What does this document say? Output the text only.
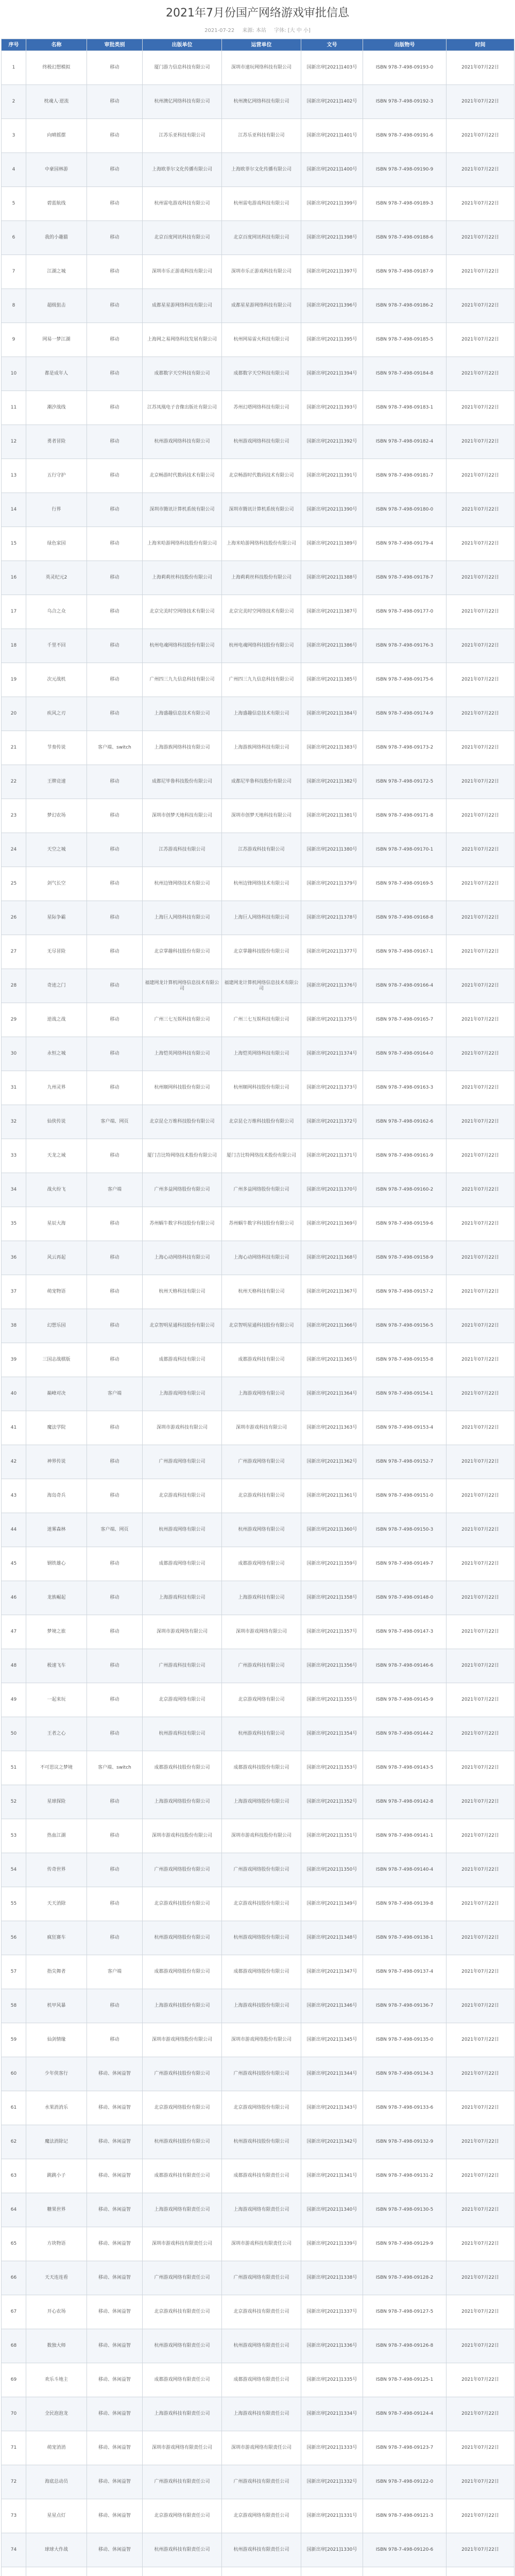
2021年7月份国产网络游戏审批信息
2021-07-22 来源: 本站 字体: [大 中 小]
序号	名称	审批类别	出版单位	运营单位	文号	出版物号	时间
1	终极幻想模拟	移动	厦门游力信息科技有限公司	深圳市速玩网络科技有限公司	国新出审[2021]1403号	ISBN 978-7-498-09193-0	2021年07月22日
2	枕魂人·逆流	移动	杭州澳亿网络科技有限公司	杭州澳亿网络科技有限公司	国新出审[2021]1402号	ISBN 978-7-498-09192-3	2021年07月22日
3	向晴摇摆	移动	江苏乐亚科技有限公司	江苏乐亚科技有限公司	国新出审[2021]1401号	ISBN 978-7-498-09191-6	2021年07月22日
4	中豪园林游	移动	上海欧菲尔文化传播有限公司	上海欧菲尔文化传播有限公司	国新出审[2021]1400号	ISBN 978-7-498-09190-9	2021年07月22日
5	碧蓝航线	移动	杭州雷电游戏科技有限公司	杭州雷电游戏科技有限公司	国新出审[2021]1399号	ISBN 978-7-498-09189-3	2021年07月22日
6	我的小趣猫	移动	北京百度网讯科技有限公司	北京百度网讯科技有限公司	国新出审[2021]1398号	ISBN 978-7-498-09188-6	2021年07月22日
7	江湖之城	移动	深圳市乐正游戏科技有限公司	深圳市乐正游戏科技有限公司	国新出审[2021]1397号	ISBN 978-7-498-09187-9	2021年07月22日
8	超级狙击	移动	成都星星游网络科技有限公司	成都星星游网络科技有限公司	国新出审[2021]1396号	ISBN 978-7-498-09186-2	2021年07月22日
9	网易一梦江湖	移动	上海网之易网络科技发展有限公司	杭州网易雷火科技有限公司	国新出审[2021]1395号	ISBN 978-7-498-09185-5	2021年07月22日
10	都是成年人	移动	成都数字天空科技有限公司	成都数字天空科技有限公司	国新出审[2021]1394号	ISBN 978-7-498-09184-8	2021年07月22日
11	潮汐战线	移动	江苏凤凰电子音像出版社有限公司	苏州幻塔网络科技有限公司	国新出审[2021]1393号	ISBN 978-7-498-09183-1	2021年07月22日
12	勇者冒险	移动	杭州游戏网络科技有限公司	杭州游戏网络科技有限公司	国新出审[2021]1392号	ISBN 978-7-498-09182-4	2021年07月22日
13	五行守护	移动	北京畅游时代数码技术有限公司	北京畅游时代数码技术有限公司	国新出审[2021]1391号	ISBN 978-7-498-09181-7	2021年07月22日
14	行界	移动	深圳市腾讯计算机系统有限公司	深圳市腾讯计算机系统有限公司	国新出审[2021]1390号	ISBN 978-7-498-09180-0	2021年07月22日
15	绿色家园	移动	上海米哈游网络科技股份有限公司	上海米哈游网络科技股份有限公司	国新出审[2021]1389号	ISBN 978-7-498-09179-4	2021年07月22日
16	英灵纪元2	移动	上海莉莉丝科技股份有限公司	上海莉莉丝科技股份有限公司	国新出审[2021]1388号	ISBN 978-7-498-09178-7	2021年07月22日
17	乌合之众	移动	北京完美时空网络技术有限公司	北京完美时空网络技术有限公司	国新出审[2021]1387号	ISBN 978-7-498-09177-0	2021年07月22日
18	千里不回	移动	杭州电魂网络科技股份有限公司	杭州电魂网络科技股份有限公司	国新出审[2021]1386号	ISBN 978-7-498-09176-3	2021年07月22日
19	次元战机	移动	广州四三九九信息科技有限公司	广州四三九九信息科技有限公司	国新出审[2021]1385号	ISBN 978-7-498-09175-6	2021年07月22日
20	疾风之刃	移动	上海盛趣信息技术有限公司	上海盛趣信息技术有限公司	国新出审[2021]1384号	ISBN 978-7-498-09174-9	2021年07月22日
21	节奏传说	客户端、switch	上海游族网络科技有限公司	上海游族网络科技有限公司	国新出审[2021]1383号	ISBN 978-7-498-09173-2	2021年07月22日
22	王牌竞速	移动	成都尼毕鲁科技股份有限公司	成都尼毕鲁科技股份有限公司	国新出审[2021]1382号	ISBN 978-7-498-09172-5	2021年07月22日
23	梦幻农场	移动	深圳市创梦天地科技有限公司	深圳市创梦天地科技有限公司	国新出审[2021]1381号	ISBN 978-7-498-09171-8	2021年07月22日
24	天空之城	移动	江苏游戏科技有限公司	江苏游戏科技有限公司	国新出审[2021]1380号	ISBN 978-7-498-09170-1	2021年07月22日
25	剑气长空	移动	杭州边锋网络技术有限公司	杭州边锋网络技术有限公司	国新出审[2021]1379号	ISBN 978-7-498-09169-5	2021年07月22日
26	星际争霸	移动	上海巨人网络科技有限公司	上海巨人网络科技有限公司	国新出审[2021]1378号	ISBN 978-7-498-09168-8	2021年07月22日
27	无尽冒险	移动	北京掌趣科技股份有限公司	北京掌趣科技股份有限公司	国新出审[2021]1377号	ISBN 978-7-498-09167-1	2021年07月22日
28	奇迹之门	移动	福建网龙计算机网络信息技术有限公司	福建网龙计算机网络信息技术有限公司	国新出审[2021]1376号	ISBN 978-7-498-09166-4	2021年07月22日
29	逆战之战	移动	广州三七互娱科技有限公司	广州三七互娱科技有限公司	国新出审[2021]1375号	ISBN 978-7-498-09165-7	2021年07月22日
30	永恒之城	移动	上海恺英网络科技有限公司	上海恺英网络科技有限公司	国新出审[2021]1374号	ISBN 978-7-498-09164-0	2021年07月22日
31	九州灵界	移动	杭州顺网科技股份有限公司	杭州顺网科技股份有限公司	国新出审[2021]1373号	ISBN 978-7-498-09163-3	2021年07月22日
32	仙侠传说	客户端、网页	北京昆仑万维科技股份有限公司	北京昆仑万维科技股份有限公司	国新出审[2021]1372号	ISBN 978-7-498-09162-6	2021年07月22日
33	天龙之域	移动	厦门吉比特网络技术股份有限公司	厦门吉比特网络技术股份有限公司	国新出审[2021]1371号	ISBN 978-7-498-09161-9	2021年07月22日
34	战火纷飞	客户端	广州多益网络股份有限公司	广州多益网络股份有限公司	国新出审[2021]1370号	ISBN 978-7-498-09160-2	2021年07月22日
35	星辰大海	移动	苏州蜗牛数字科技股份有限公司	苏州蜗牛数字科技股份有限公司	国新出审[2021]1369号	ISBN 978-7-498-09159-6	2021年07月22日
36	风云再起	移动	上海心动网络科技有限公司	上海心动网络科技有限公司	国新出审[2021]1368号	ISBN 978-7-498-09158-9	2021年07月22日
37	萌宠物语	移动	杭州天格科技有限公司	杭州天格科技有限公司	国新出审[2021]1367号	ISBN 978-7-498-09157-2	2021年07月22日
38	幻想乐园	移动	北京智明星通科技股份有限公司	北京智明星通科技股份有限公司	国新出审[2021]1366号	ISBN 978-7-498-09156-5	2021年07月22日
39	三国志战棋版	移动	成都游戏科技有限公司	成都游戏科技有限公司	国新出审[2021]1365号	ISBN 978-7-498-09155-8	2021年07月22日
40	巅峰对决	客户端	上海游戏网络有限公司	上海游戏网络有限公司	国新出审[2021]1364号	ISBN 978-7-498-09154-1	2021年07月22日
41	魔法学院	移动	深圳市游戏科技有限公司	深圳市游戏科技有限公司	国新出审[2021]1363号	ISBN 978-7-498-09153-4	2021年07月22日
42	神界传说	移动	广州游戏网络有限公司	广州游戏网络有限公司	国新出审[2021]1362号	ISBN 978-7-498-09152-7	2021年07月22日
43	海岛奇兵	移动	北京游戏科技有限公司	北京游戏科技有限公司	国新出审[2021]1361号	ISBN 978-7-498-09151-0	2021年07月22日
44	迷雾森林	客户端、网页	杭州游戏网络有限公司	杭州游戏网络有限公司	国新出审[2021]1360号	ISBN 978-7-498-09150-3	2021年07月22日
45	钢铁雄心	移动	成都游戏网络有限公司	成都游戏网络有限公司	国新出审[2021]1359号	ISBN 978-7-498-09149-7	2021年07月22日
46	龙族崛起	移动	上海游戏科技有限公司	上海游戏科技有限公司	国新出审[2021]1358号	ISBN 978-7-498-09148-0	2021年07月22日
47	梦境之旅	移动	深圳市游戏网络有限公司	深圳市游戏网络有限公司	国新出审[2021]1357号	ISBN 978-7-498-09147-3	2021年07月22日
48	极速飞车	移动	广州游戏科技有限公司	广州游戏科技有限公司	国新出审[2021]1356号	ISBN 978-7-498-09146-6	2021年07月22日
49	一起来玩	移动	北京游戏网络有限公司	北京游戏网络有限公司	国新出审[2021]1355号	ISBN 978-7-498-09145-9	2021年07月22日
50	王者之心	移动	杭州游戏科技有限公司	杭州游戏科技有限公司	国新出审[2021]1354号	ISBN 978-7-498-09144-2	2021年07月22日
51	不可思议之梦境	客户端、switch	成都游戏科技股份有限公司	成都游戏科技股份有限公司	国新出审[2021]1353号	ISBN 978-7-498-09143-5	2021年07月22日
52	星球探险	移动	上海游戏网络股份有限公司	上海游戏网络股份有限公司	国新出审[2021]1352号	ISBN 978-7-498-09142-8	2021年07月22日
53	热血江湖	移动	深圳市游戏科技股份有限公司	深圳市游戏科技股份有限公司	国新出审[2021]1351号	ISBN 978-7-498-09141-1	2021年07月22日
54	传奇世界	移动	广州游戏网络股份有限公司	广州游戏网络股份有限公司	国新出审[2021]1350号	ISBN 978-7-498-09140-4	2021年07月22日
55	天天消除	移动	北京游戏科技股份有限公司	北京游戏科技股份有限公司	国新出审[2021]1349号	ISBN 978-7-498-09139-8	2021年07月22日
56	疯狂赛车	移动	杭州游戏网络股份有限公司	杭州游戏网络股份有限公司	国新出审[2021]1348号	ISBN 978-7-498-09138-1	2021年07月22日
57	指尖舞者	客户端	成都游戏网络股份有限公司	成都游戏网络股份有限公司	国新出审[2021]1347号	ISBN 978-7-498-09137-4	2021年07月22日
58	机甲风暴	移动	上海游戏科技股份有限公司	上海游戏科技股份有限公司	国新出审[2021]1346号	ISBN 978-7-498-09136-7	2021年07月22日
59	仙剑情缘	移动	深圳市游戏网络股份有限公司	深圳市游戏网络股份有限公司	国新出审[2021]1345号	ISBN 978-7-498-09135-0	2021年07月22日
60	少年侠客行	移动、休闲益智	广州游戏科技股份有限公司	广州游戏科技股份有限公司	国新出审[2021]1344号	ISBN 978-7-498-09134-3	2021年07月22日
61	水果消消乐	移动、休闲益智	北京游戏网络股份有限公司	北京游戏网络股份有限公司	国新出审[2021]1343号	ISBN 978-7-498-09133-6	2021年07月22日
62	魔法消除记	移动、休闲益智	杭州游戏科技股份有限公司	杭州游戏科技股份有限公司	国新出审[2021]1342号	ISBN 978-7-498-09132-9	2021年07月22日
63	跳跳小子	移动、休闲益智	成都游戏科技有限责任公司	成都游戏科技有限责任公司	国新出审[2021]1341号	ISBN 978-7-498-09131-2	2021年07月22日
64	糖果世界	移动、休闲益智	上海游戏网络有限责任公司	上海游戏网络有限责任公司	国新出审[2021]1340号	ISBN 978-7-498-09130-5	2021年07月22日
65	方块物语	移动、休闲益智	深圳市游戏科技有限责任公司	深圳市游戏科技有限责任公司	国新出审[2021]1339号	ISBN 978-7-498-09129-9	2021年07月22日
66	天天连连看	移动、休闲益智	广州游戏网络有限责任公司	广州游戏网络有限责任公司	国新出审[2021]1338号	ISBN 978-7-498-09128-2	2021年07月22日
67	开心农场	移动、休闲益智	北京游戏科技有限责任公司	北京游戏科技有限责任公司	国新出审[2021]1337号	ISBN 978-7-498-09127-5	2021年07月22日
68	数独大师	移动、休闲益智	杭州游戏网络有限责任公司	杭州游戏网络有限责任公司	国新出审[2021]1336号	ISBN 978-7-498-09126-8	2021年07月22日
69	欢乐斗地主	移动、休闲益智	成都游戏网络有限责任公司	成都游戏网络有限责任公司	国新出审[2021]1335号	ISBN 978-7-498-09125-1	2021年07月22日
70	全民泡泡龙	移动、休闲益智	上海游戏科技有限责任公司	上海游戏科技有限责任公司	国新出审[2021]1334号	ISBN 978-7-498-09124-4	2021年07月22日
71	萌宠消消	移动、休闲益智	深圳市游戏网络有限责任公司	深圳市游戏网络有限责任公司	国新出审[2021]1333号	ISBN 978-7-498-09123-7	2021年07月22日
72	海底总动员	移动、休闲益智	广州游戏科技有限责任公司	广州游戏科技有限责任公司	国新出审[2021]1332号	ISBN 978-7-498-09122-0	2021年07月22日
73	星星点灯	移动、休闲益智	北京游戏网络有限责任公司	北京游戏网络有限责任公司	国新出审[2021]1331号	ISBN 978-7-498-09121-3	2021年07月22日
74	球球大作战	移动、休闲益智	杭州游戏科技有限责任公司	杭州游戏科技有限责任公司	国新出审[2021]1330号	ISBN 978-7-498-09120-6	2021年07月22日
